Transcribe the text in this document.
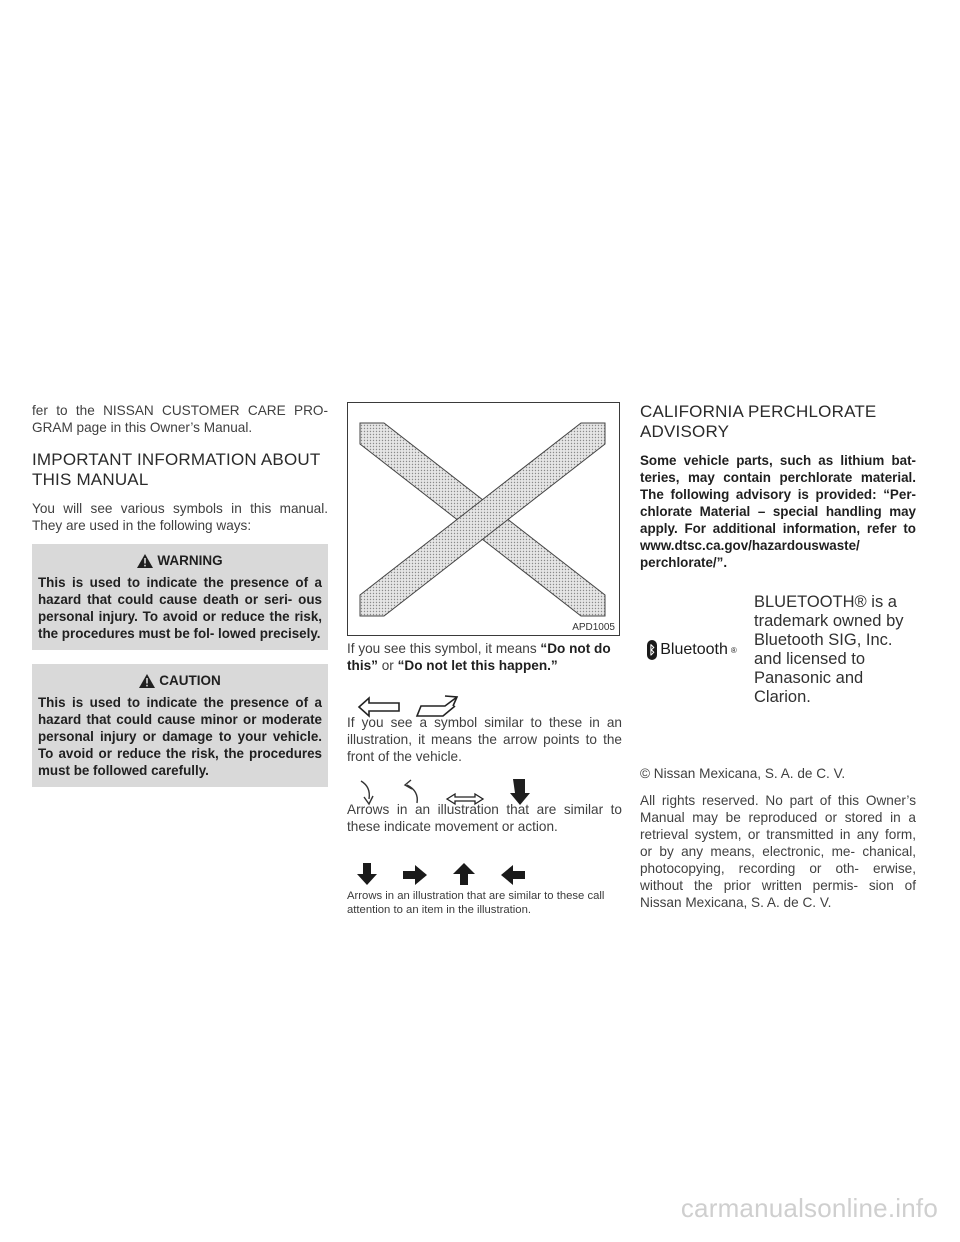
fer to the NISSAN CUSTOMER CARE PRO- GRAM page in this Owner’s Manual.

IMPORTANT INFORMATION ABOUT THIS MANUAL

You will see various symbols in this manual. They are used in the following ways:

WARNING
This is used to indicate the presence of a hazard that could cause death or seri- ous personal injury. To avoid or reduce the risk, the procedures must be fol- lowed precisely.
CAUTION
This is used to indicate the presence of a hazard that could cause minor or moderate personal injury or damage to your vehicle. To avoid or reduce the risk, the procedures must be followed carefully.
APD1005

If you see this symbol, it means “Do not do this” or “Do not let this happen.”

If you see a symbol similar to these in an illustration, it means the arrow points to the front of the vehicle.

Arrows in an illustration that are similar to these indicate movement or action.

Arrows in an illustration that are similar to these call attention to an item in the illustration.

CALIFORNIA PERCHLORATE ADVISORY

Some vehicle parts, such as lithium bat- teries, may contain perchlorate material. The following advisory is provided: “Per- chlorate Material – special handling may apply. For additional information, refer to www.dtsc.ca.gov/hazardouswaste/ perchlorate/”.

ᛒ Bluetooth ®
BLUETOOTH® is a trademark owned by Bluetooth SIG, Inc. and licensed to Panasonic and Clarion.

© Nissan Mexicana, S. A. de C. V.

All rights reserved. No part of this Owner’s Manual may be reproduced or stored in a retrieval system, or transmitted in any form, or by any means, electronic, me- chanical, photocopying, recording or oth- erwise, without the prior written permis- sion of Nissan Mexicana, S. A. de C. V.

carmanualsonline.info
